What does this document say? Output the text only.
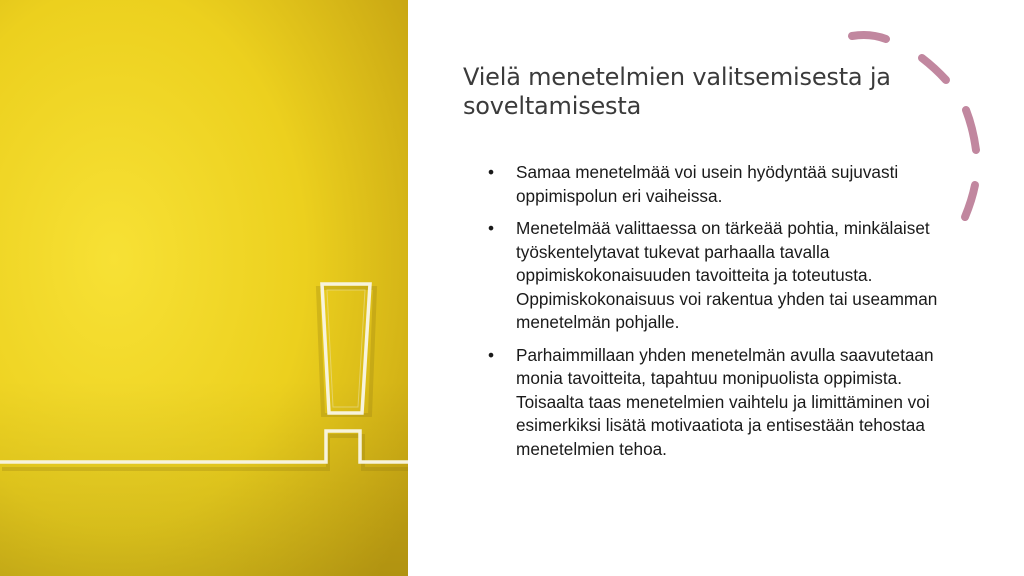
Vielä menetelmien valitsemisesta ja soveltamisesta
•	Samaa menetelmää voi usein hyödyntää sujuvasti oppimispolun eri vaiheissa.
•	Menetelmää valittaessa on tärkeää pohtia, minkälaiset työskentelytavat tukevat parhaalla tavalla oppimiskokonaisuuden tavoitteita ja toteutusta. Oppimiskokonaisuus voi rakentua yhden tai useamman menetelmän pohjalle.
•	Parhaimmillaan yhden menetelmän avulla saavutetaan monia tavoitteita, tapahtuu monipuolista oppimista. Toisaalta taas menetelmien vaihtelu ja limittäminen voi esimerkiksi lisätä motivaatiota ja entisestään tehostaa menetelmien tehoa.
